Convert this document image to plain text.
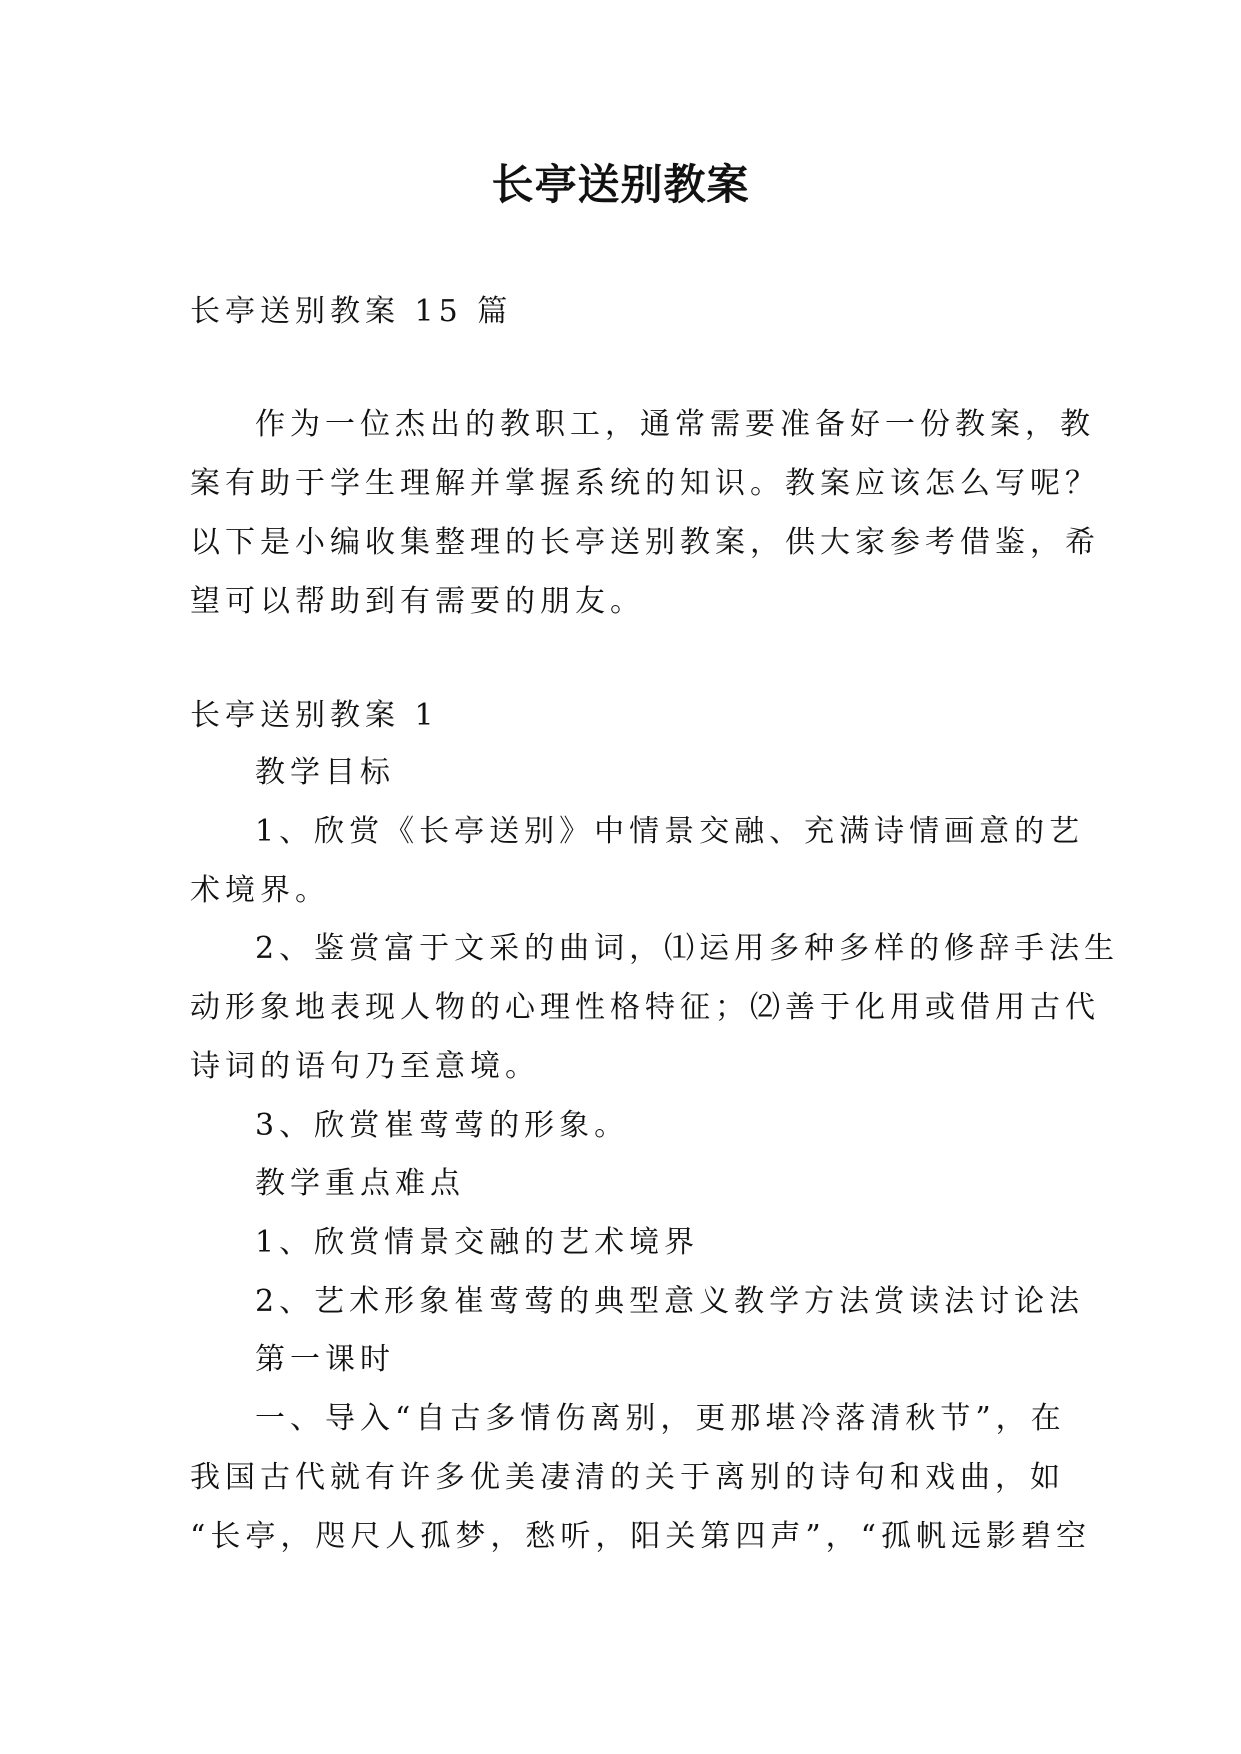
长亭送别教案
长亭送别教案 15 篇
作为一位杰出的教职工，通常需要准备好一份教案，教
案有助于学生理解并掌握系统的知识。教案应该怎么写呢？
以下是小编收集整理的长亭送别教案，供大家参考借鉴，希
望可以帮助到有需要的朋友。
长亭送别教案 1
教学目标
1、欣赏《长亭送别》中情景交融、充满诗情画意的艺
术境界。
2、鉴赏富于文采的曲词，⑴运用多种多样的修辞手法生
动形象地表现人物的心理性格特征；⑵善于化用或借用古代
诗词的语句乃至意境。
3、欣赏崔莺莺的形象。
教学重点难点
1、欣赏情景交融的艺术境界
2、艺术形象崔莺莺的典型意义教学方法赏读法讨论法
第一课时
一、导入“自古多情伤离别，更那堪冷落清秋节”，在
我国古代就有许多优美凄清的关于离别的诗句和戏曲，如
“长亭，咫尺人孤梦，愁听，阳关第四声”，“孤帆远影碧空
